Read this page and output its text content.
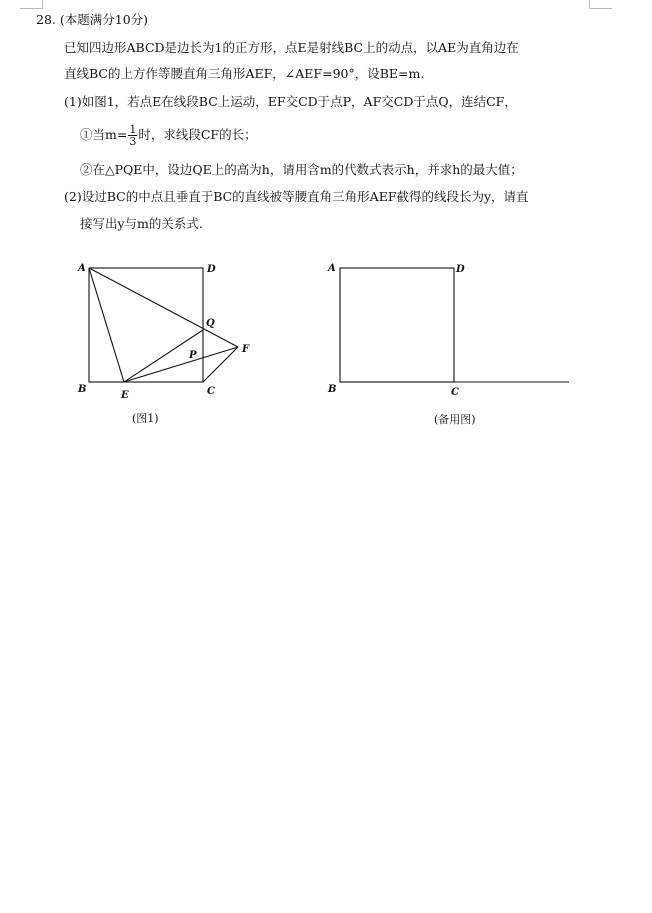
28. (本题满分10分)
已知四边形ABCD是边长为1的正方形，点E是射线BC上的动点，以AE为直角边在
直线BC的上方作等腰直角三角形AEF，∠AEF=90°，设BE=m.
(1)如图1，若点E在线段BC上运动，EF交CD于点P，AF交CD于点Q，连结CF，
①当$m= \frac{1}{3}$ 时，求线段CF的长；
②在△PQE中，设边QE上的高为h，请用含m的代数式表示h，并求h的最大值；
(2)设过BC的中点且垂直于BC的直线被等腰直角三角形AEF截得的线段长为y，请直
接写出y与m的关系式.
A	D
Q
P
F
B
E	C
A	D
B	C
(图1)	(备用图)
